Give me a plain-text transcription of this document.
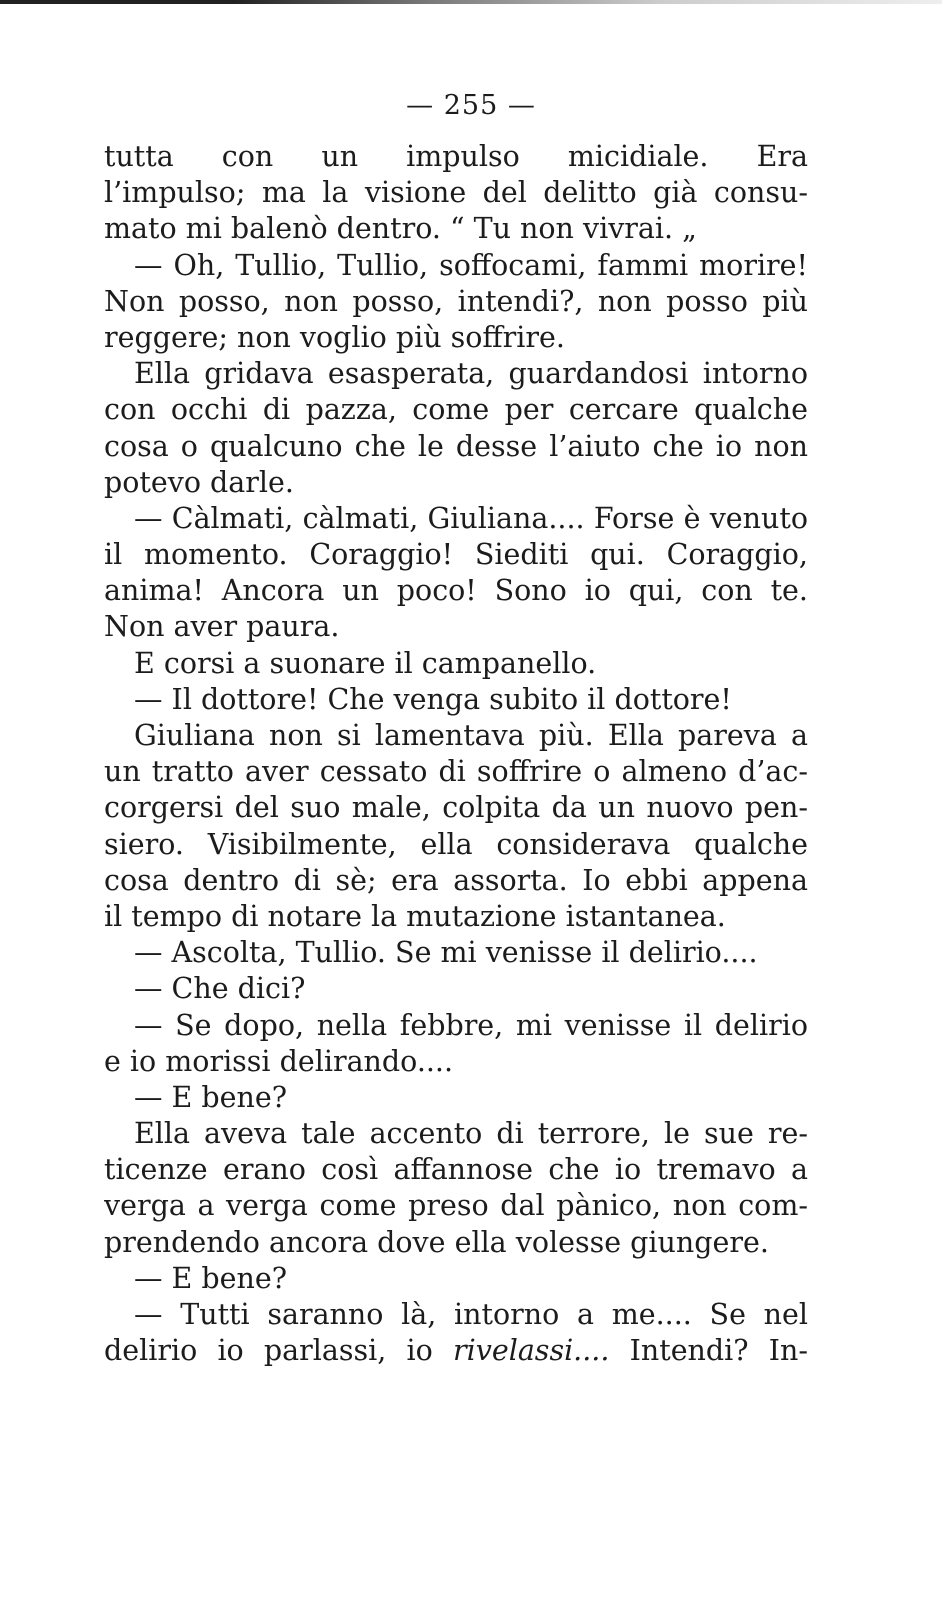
— 255 —
tutta con un impulso micidiale. Era
l’impulso; ma la visione del delitto già consu-
mato mi balenò dentro. “ Tu non vivrai. „
— Oh, Tullio, Tullio, soffocami, fammi morire!
Non posso, non posso, intendi?, non posso più
reggere; non voglio più soffrire.
Ella gridava esasperata, guardandosi intorno
con occhi di pazza, come per cercare qualche
cosa o qualcuno che le desse l’aiuto che io non
potevo darle.
— Càlmati, càlmati, Giuliana.... Forse è venuto
il momento. Coraggio! Siediti qui. Coraggio,
anima! Ancora un poco! Sono io qui, con te.
Non aver paura.
E corsi a suonare il campanello.
— Il dottore! Che venga subito il dottore!
Giuliana non si lamentava più. Ella pareva a
un tratto aver cessato di soffrire o almeno d’ac-
corgersi del suo male, colpita da un nuovo pen-
siero. Visibilmente, ella considerava qualche
cosa dentro di sè; era assorta. Io ebbi appena
il tempo di notare la mutazione istantanea.
— Ascolta, Tullio. Se mi venisse il delirio....
— Che dici?
— Se dopo, nella febbre, mi venisse il delirio
e io morissi delirando....
— E bene?
Ella aveva tale accento di terrore, le sue re-
ticenze erano così affannose che io tremavo a
verga a verga come preso dal pànico, non com-
prendendo ancora dove ella volesse giungere.
— E bene?
— Tutti saranno là, intorno a me.... Se nel
delirio io parlassi, io rivelassi.... Intendi? In-
